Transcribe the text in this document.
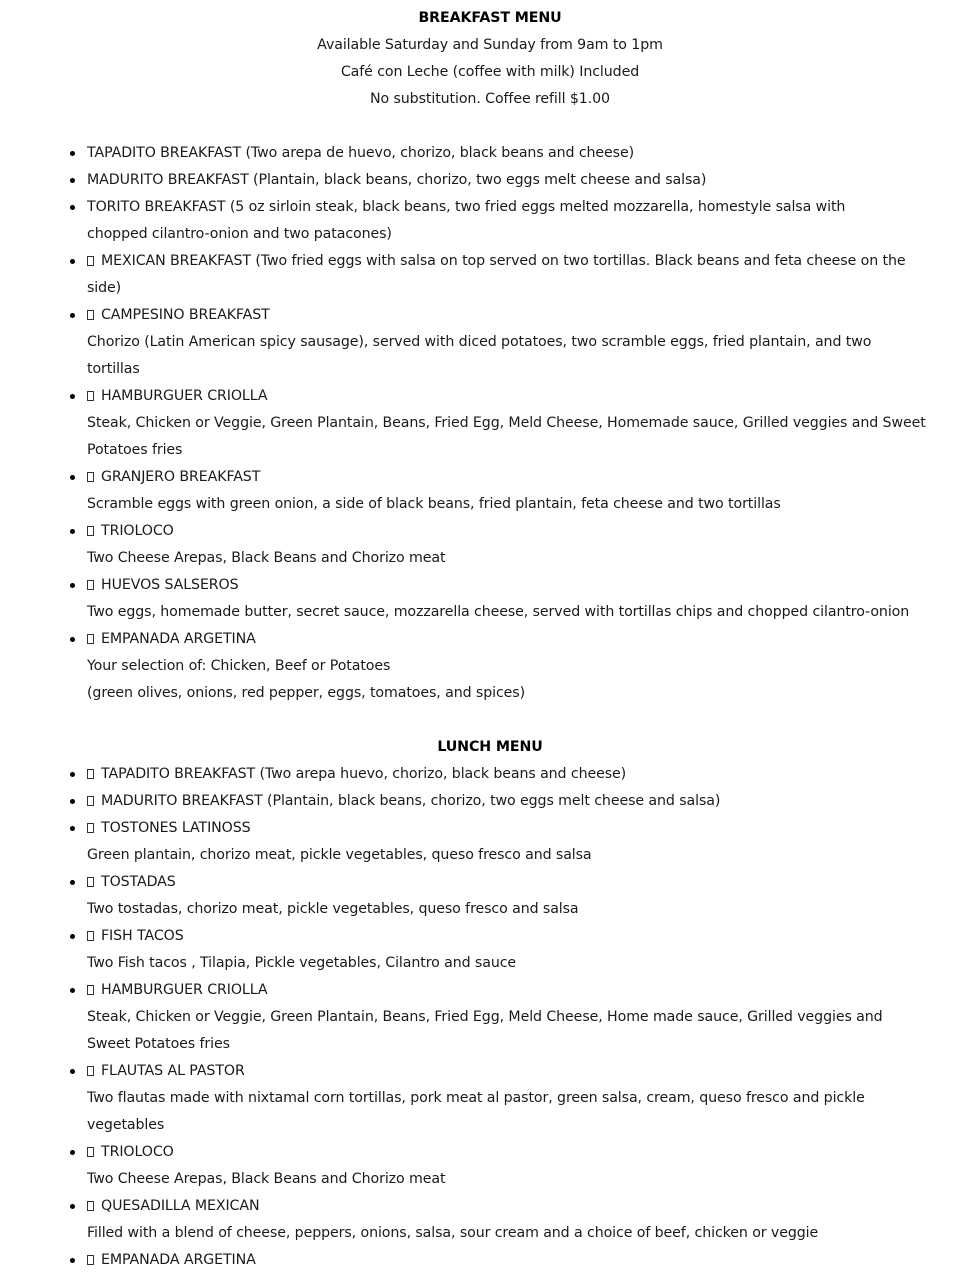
BREAKFAST MENU

Available Saturday and Sunday from 9am to 1pm

Café con Leche (coffee with milk) Included

No substitution. Coffee refill $1.00

TAPADITO BREAKFAST (Two arepa de huevo, chorizo, black beans and cheese)
MADURITO BREAKFAST (Plantain, black beans, chorizo, two eggs melt cheese and salsa)
TORITO BREAKFAST (5 oz sirloin steak, black beans, two fried eggs melted mozzarella, homestyle salsa with chopped cilantro-onion and two patacones)
MEXICAN BREAKFAST (Two fried eggs with salsa on top served on two tortillas. Black beans and feta cheese on the side)
CAMPESINO BREAKFAST

Chorizo (Latin American spicy sausage), served with diced potatoes, two scramble eggs, fried plantain, and two tortillas

HAMBURGUER CRIOLLA

Steak, Chicken or Veggie, Green Plantain, Beans, Fried Egg, Meld Cheese, Homemade sauce, Grilled veggies and Sweet Potatoes fries

GRANJERO BREAKFAST

Scramble eggs with green onion, a side of black beans, fried plantain, feta cheese and two tortillas

TRIOLOCO

Two Cheese Arepas, Black Beans and Chorizo meat

HUEVOS SALSEROS

Two eggs, homemade butter, secret sauce, mozzarella cheese, served with tortillas chips and chopped cilantro-onion

EMPANADA ARGETINA

Your selection of: Chicken, Beef or Potatoes

(green olives, onions, red pepper, eggs, tomatoes, and spices)

LUNCH MENU

TAPADITO BREAKFAST (Two arepa huevo, chorizo, black beans and cheese)
MADURITO BREAKFAST (Plantain, black beans, chorizo, two eggs melt cheese and salsa)
TOSTONES LATINOSS

Green plantain, chorizo meat, pickle vegetables, queso fresco and salsa

TOSTADAS

Two tostadas, chorizo meat, pickle vegetables, queso fresco and salsa

FISH TACOS

Two Fish tacos , Tilapia, Pickle vegetables, Cilantro and sauce

HAMBURGUER CRIOLLA

Steak, Chicken or Veggie, Green Plantain, Beans, Fried Egg, Meld Cheese, Home made sauce, Grilled veggies and Sweet Potatoes fries

FLAUTAS AL PASTOR

Two flautas made with nixtamal corn tortillas, pork meat al pastor, green salsa, cream, queso fresco and pickle vegetables

TRIOLOCO

Two Cheese Arepas, Black Beans and Chorizo meat

QUESADILLA MEXICAN

Filled with a blend of cheese, peppers, onions, salsa, sour cream and a choice of beef, chicken or veggie

EMPANADA ARGETINA
